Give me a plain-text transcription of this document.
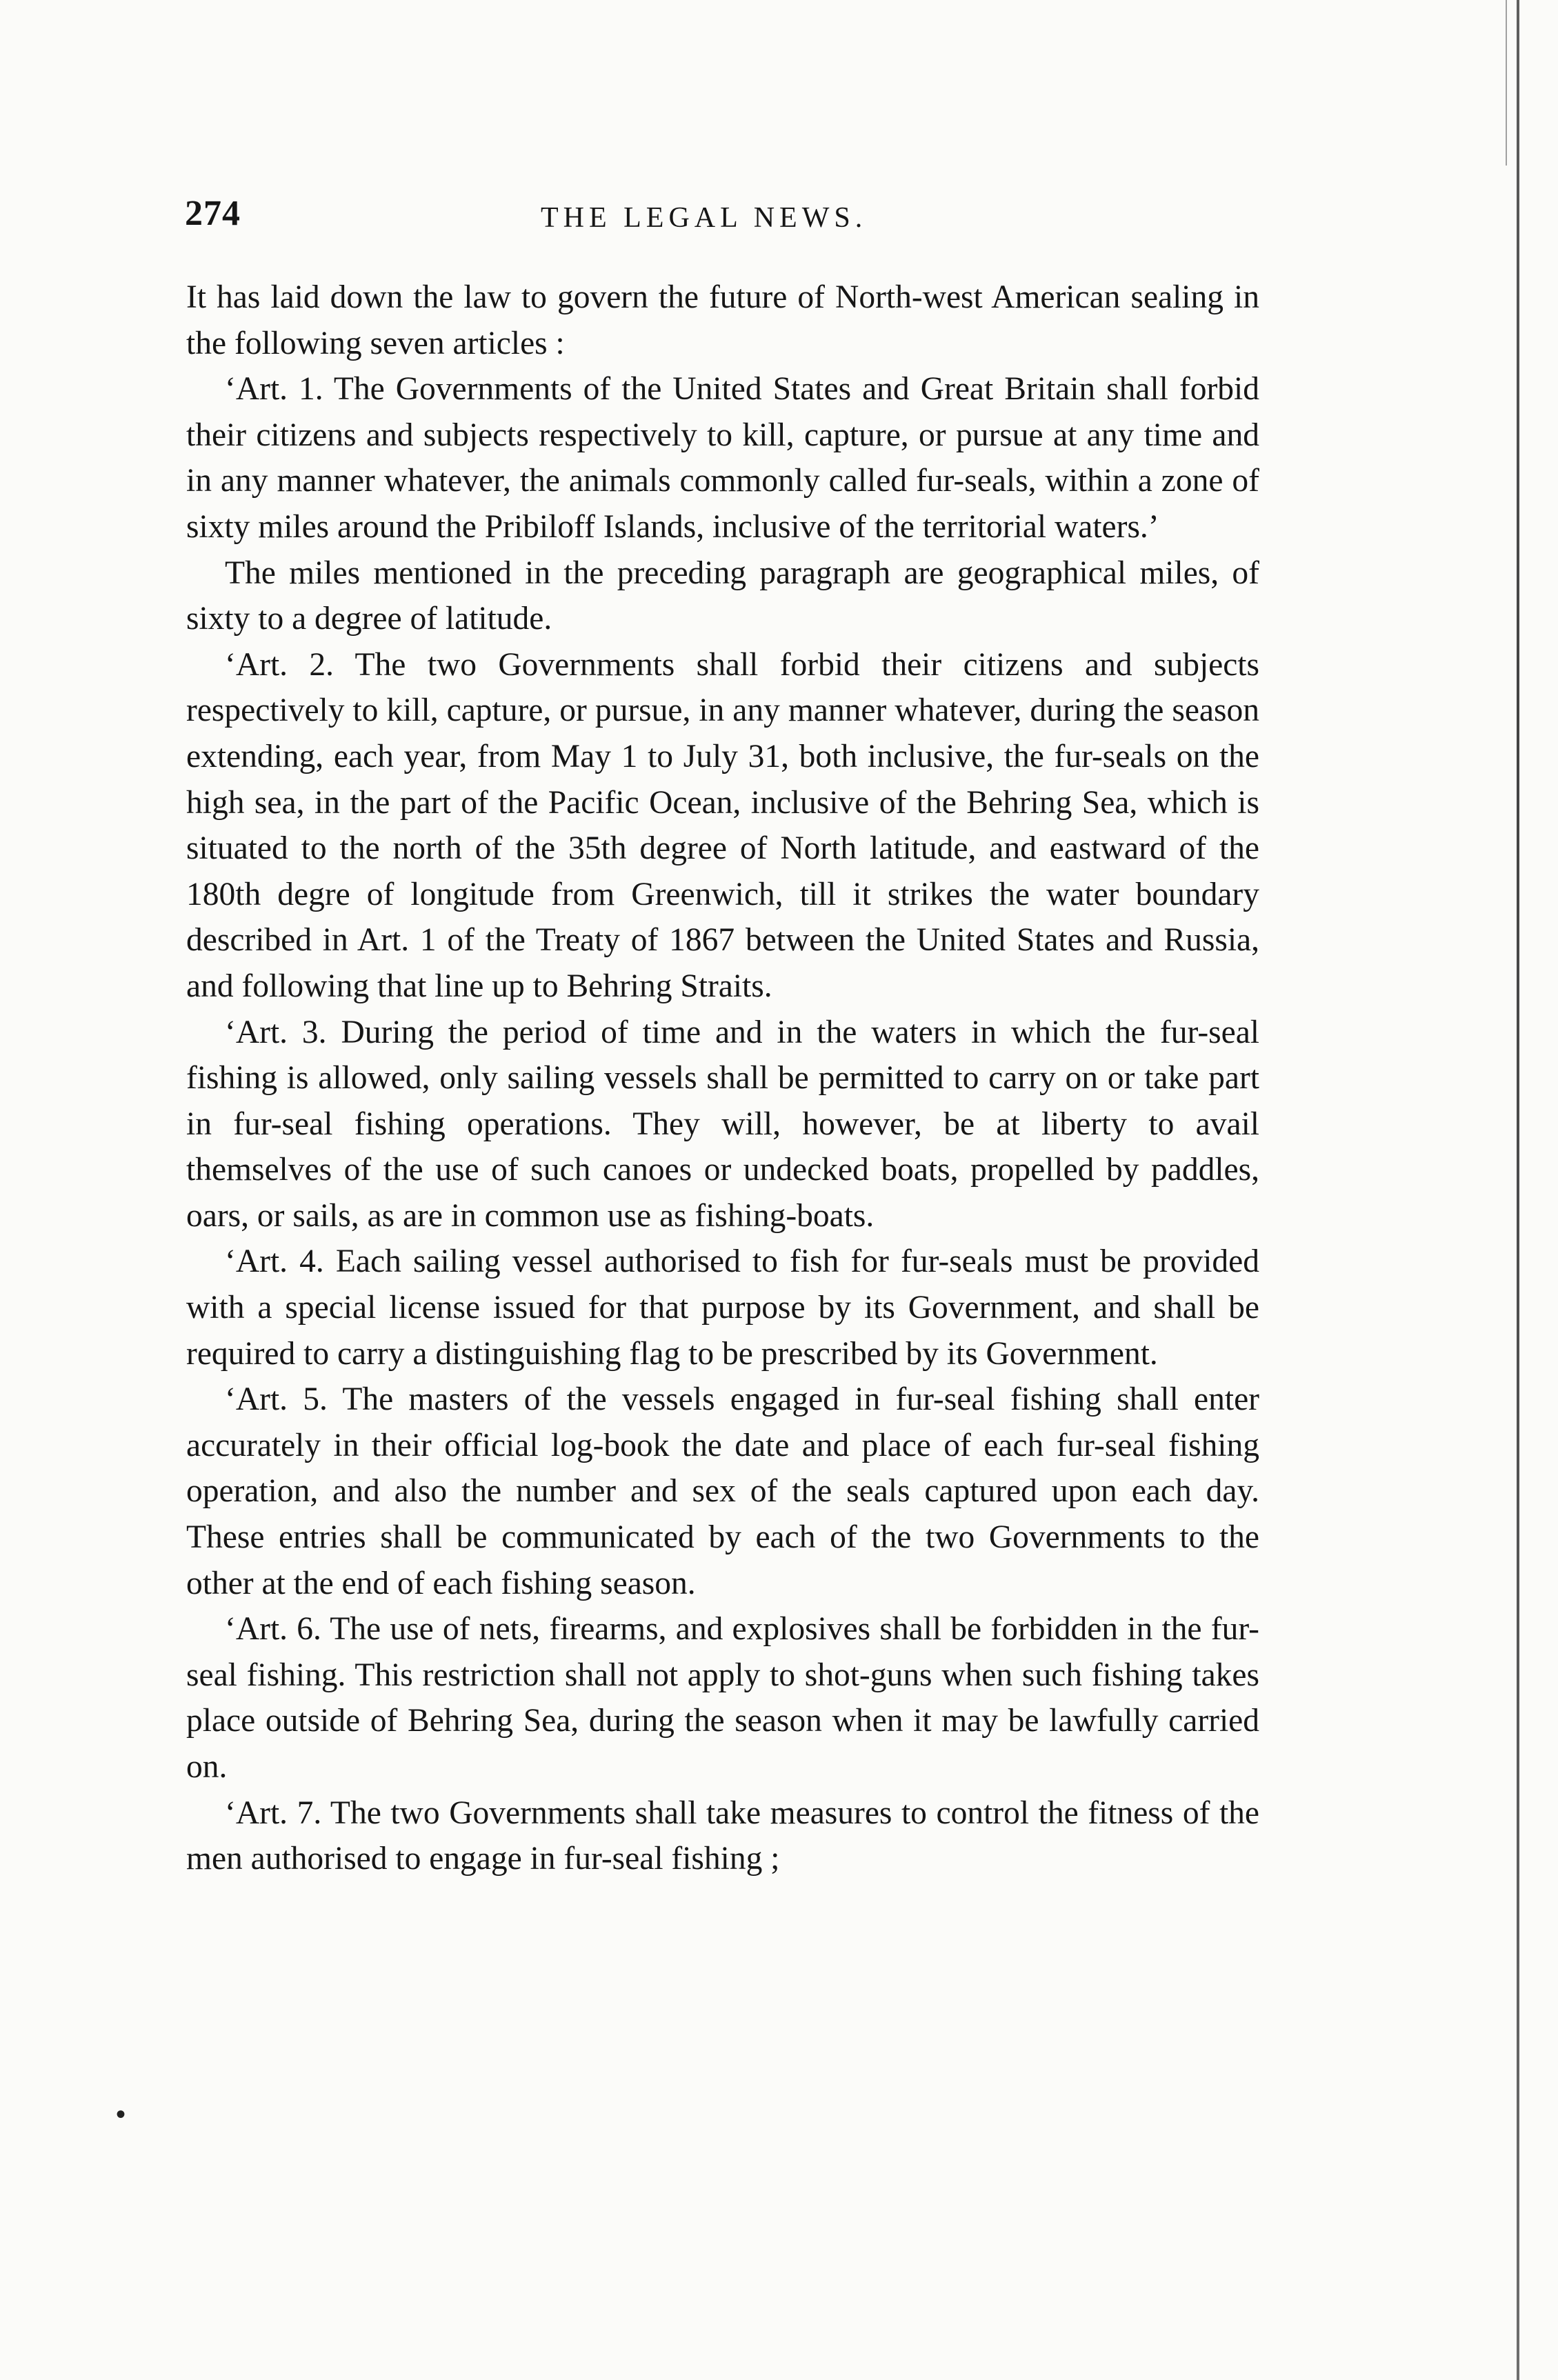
274	THE LEGAL NEWS.

It has laid down the law to govern the future of North-west American sealing in the following seven articles :

‘Art. 1. The Governments of the United States and Great Britain shall forbid their citizens and subjects respectively to kill, capture, or pursue at any time and in any manner whatever, the animals commonly called fur-seals, within a zone of sixty miles around the Pribiloff Islands, inclusive of the territorial waters.’

The miles mentioned in the preceding paragraph are geographical miles, of sixty to a degree of latitude.

‘Art. 2. The two Governments shall forbid their citizens and subjects respectively to kill, capture, or pursue, in any manner whatever, during the season extending, each year, from May 1 to July 31, both inclusive, the fur-seals on the high sea, in the part of the Pacific Ocean, inclusive of the Behring Sea, which is situated to the north of the 35th degree of North latitude, and eastward of the 180th degre of longitude from Greenwich, till it strikes the water boundary described in Art. 1 of the Treaty of 1867 between the United States and Russia, and following that line up to Behring Straits.

‘Art. 3. During the period of time and in the waters in which the fur-seal fishing is allowed, only sailing vessels shall be permitted to carry on or take part in fur-seal fishing operations. They will, however, be at liberty to avail themselves of the use of such canoes or undecked boats, propelled by paddles, oars, or sails, as are in common use as fishing-boats.

‘Art. 4. Each sailing vessel authorised to fish for fur-seals must be provided with a special license issued for that purpose by its Government, and shall be required to carry a distinguishing flag to be prescribed by its Government.

‘Art. 5. The masters of the vessels engaged in fur-seal fishing shall enter accurately in their official log-book the date and place of each fur-seal fishing operation, and also the number and sex of the seals captured upon each day. These entries shall be communicated by each of the two Governments to the other at the end of each fishing season.

‘Art. 6. The use of nets, firearms, and explosives shall be forbidden in the fur-seal fishing. This restriction shall not apply to shot-guns when such fishing takes place outside of Behring Sea, during the season when it may be lawfully carried on.

‘Art. 7. The two Governments shall take measures to control the fitness of the men authorised to engage in fur-seal fishing ;

•
